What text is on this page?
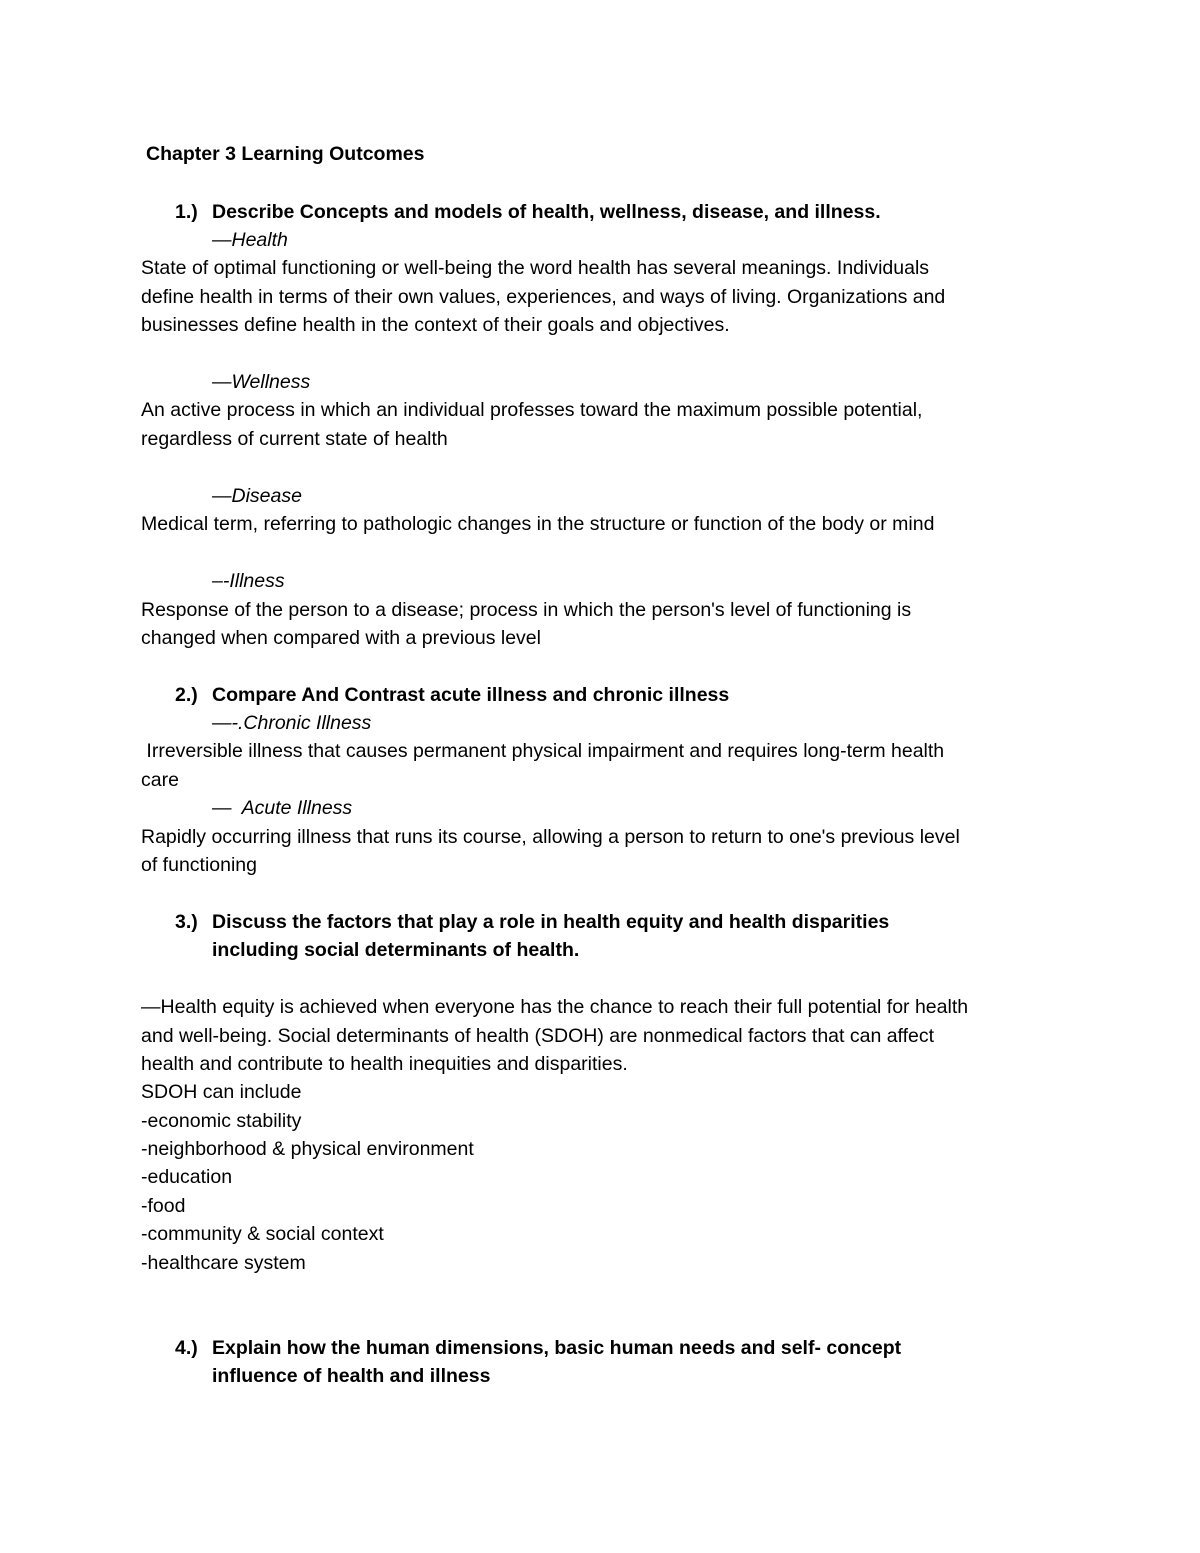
Chapter 3 Learning Outcomes
1.) Describe Concepts and models of health, wellness, disease, and illness.
—Health
State of optimal functioning or well-being the word health has several meanings. Individuals
define health in terms of their own values, experiences, and ways of living. Organizations and
businesses define health in the context of their goals and objectives.
—Wellness
An active process in which an individual professes toward the maximum possible potential,
regardless of current state of health
—Disease
Medical term, referring to pathologic changes in the structure or function of the body or mind
–-Illness
Response of the person to a disease; process in which the person's level of functioning is
changed when compared with a previous level
2.) Compare And Contrast acute illness and chronic illness
—-.Chronic Illness
Irreversible illness that causes permanent physical impairment and requires long-term health
care
—  Acute Illness
Rapidly occurring illness that runs its course, allowing a person to return to one's previous level
of functioning
3.) Discuss the factors that play a role in health equity and health disparities
including social determinants of health.
—Health equity is achieved when everyone has the chance to reach their full potential for health
and well-being. Social determinants of health (SDOH) are nonmedical factors that can affect
health and contribute to health inequities and disparities.
SDOH can include
-economic stability
-neighborhood & physical environment
-education
-food
-community & social context
-healthcare system
4.) Explain how the human dimensions, basic human needs and self- concept
influence of health and illness
